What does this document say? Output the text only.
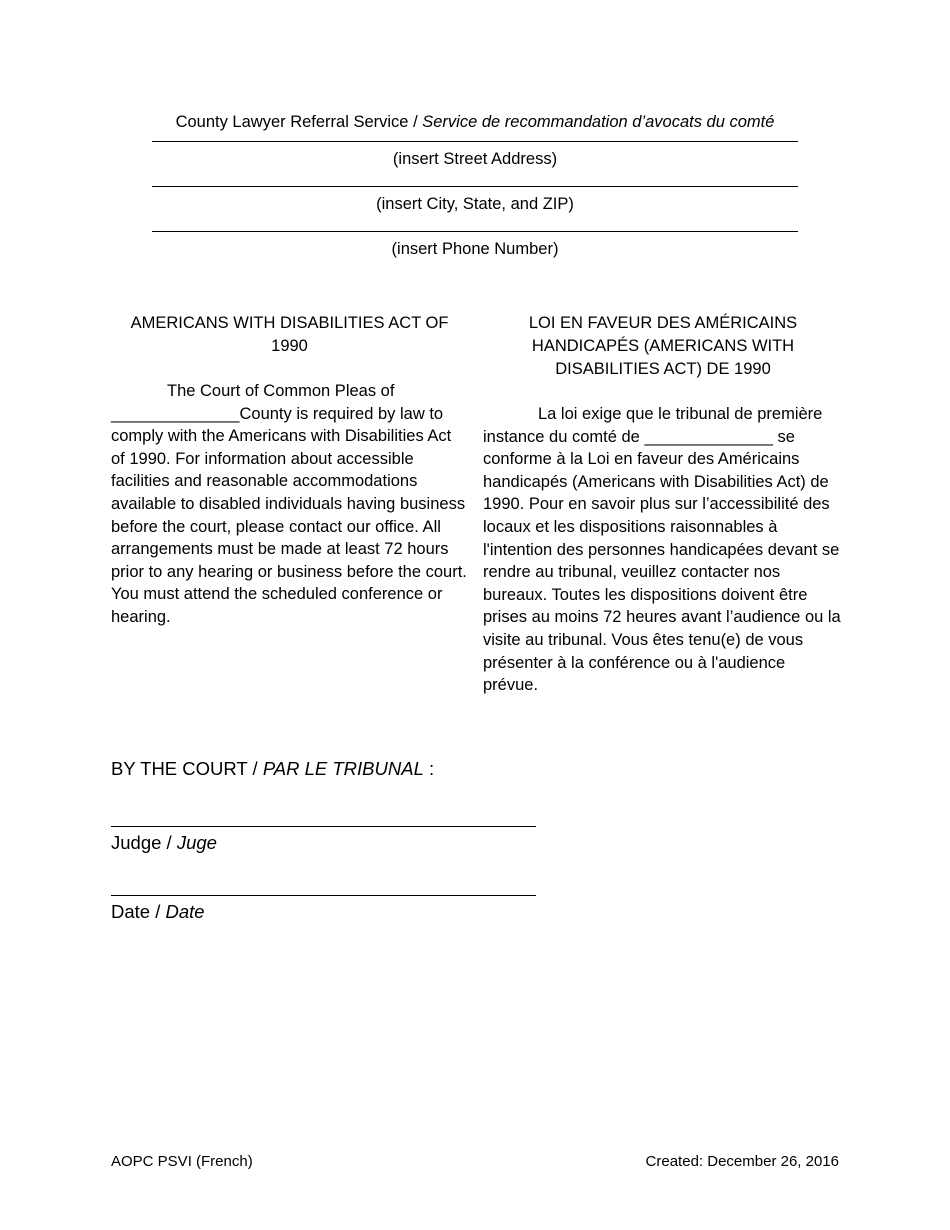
County Lawyer Referral Service / Service de recommandation d’avocats du comté
(insert Street Address)
(insert City, State, and ZIP)
(insert Phone Number)
AMERICANS WITH DISABILITIES ACT OF 1990

The Court of Common Pleas of ______________County is required by law to comply with the Americans with Disabilities Act of 1990. For information about accessible facilities and reasonable accommodations available to disabled individuals having business before the court, please contact our office. All arrangements must be made at least 72 hours prior to any hearing or business before the court. You must attend the scheduled conference or hearing.

LOI EN FAVEUR DES AMÉRICAINS HANDICAPÉS (AMERICANS WITH DISABILITIES ACT) DE 1990

La loi exige que le tribunal de première instance du comté de ______________ se conforme à la Loi en faveur des Américains handicapés (Americans with Disabilities Act) de 1990. Pour en savoir plus sur l’accessibilité des locaux et les dispositions raisonnables à l'intention des personnes handicapées devant se rendre au tribunal, veuillez contacter nos bureaux. Toutes les dispositions doivent être prises au moins 72 heures avant l’audience ou la visite au tribunal. Vous êtes tenu(e) de vous présenter à la conférence ou à l'audience prévue.

BY THE COURT / PAR LE TRIBUNAL :
Judge / Juge
Date / Date
AOPC PSVI (French)	Created: December 26, 2016
